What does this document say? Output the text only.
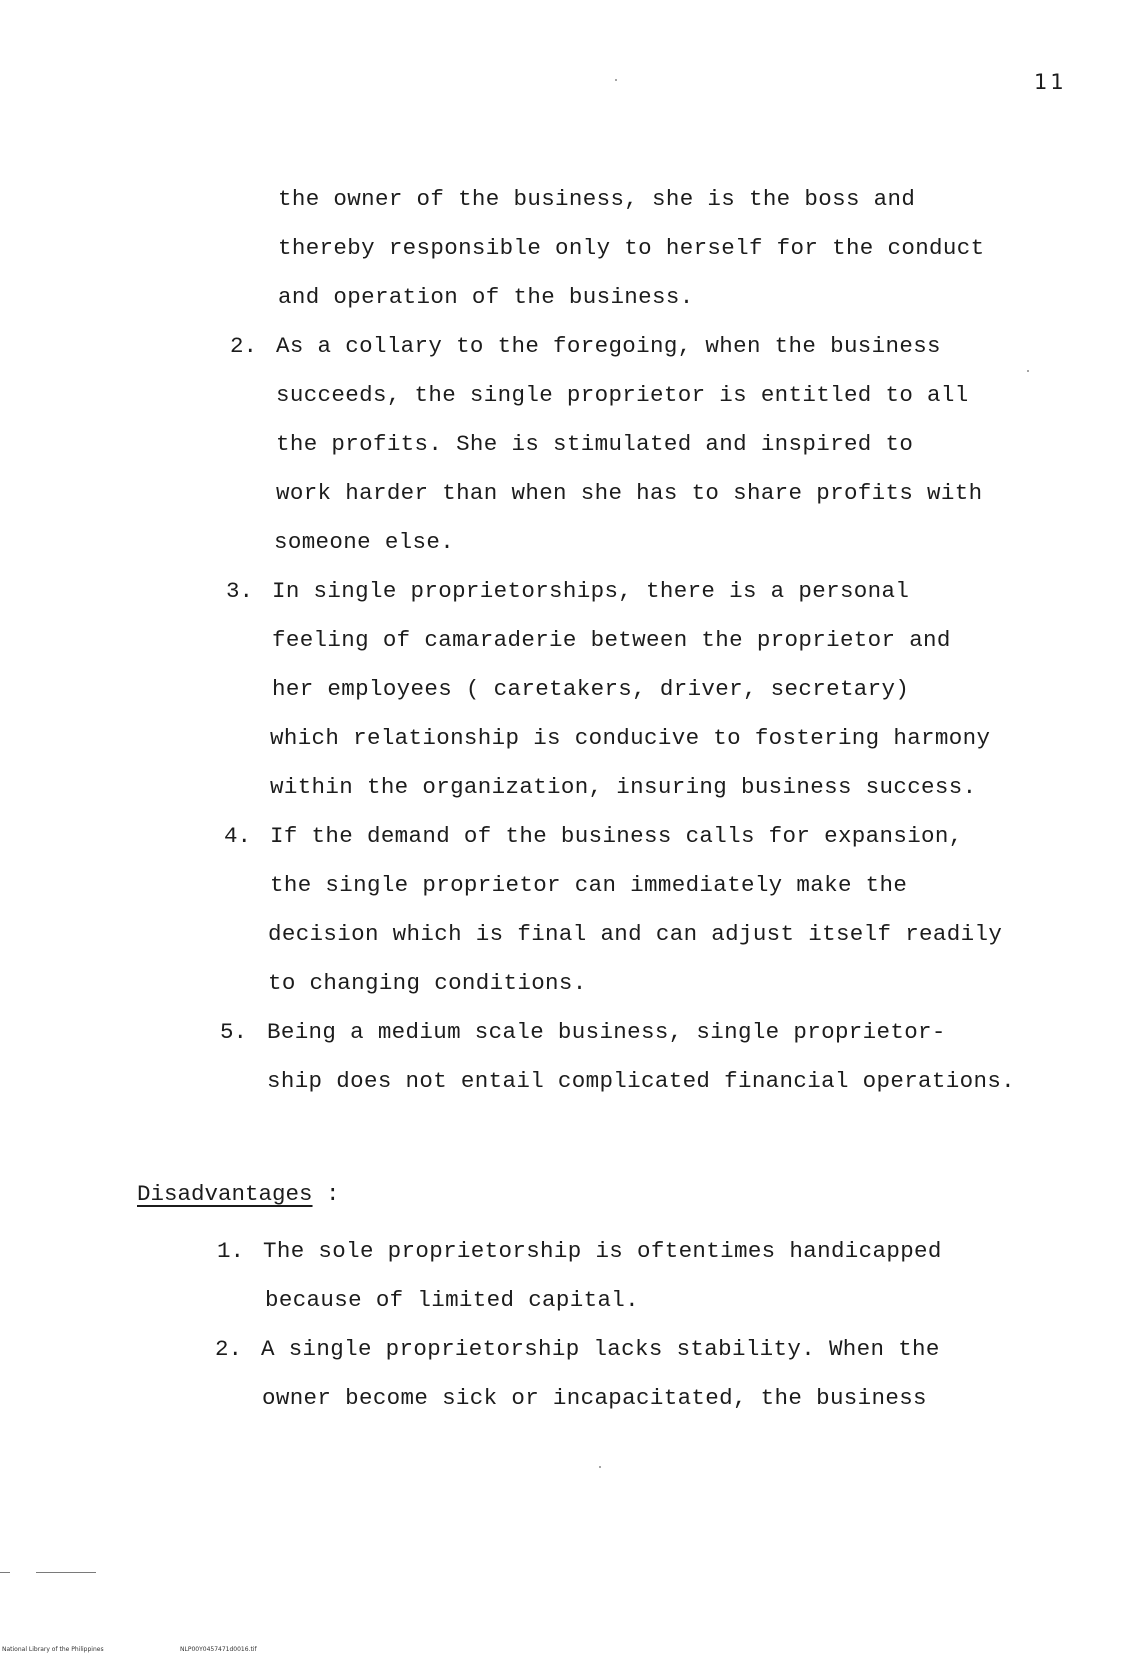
11
the owner of the business, she is the boss and
thereby responsible only to herself for the conduct
and operation of the business.
2. As a collary to the foregoing, when the business
succeeds, the single proprietor is entitled to all
the profits. She is stimulated and inspired to
work harder than when she has to share profits with
someone else.
3. In single proprietorships, there is a personal
feeling of camaraderie between the proprietor and
her employees ( caretakers, driver, secretary)
which relationship is conducive to fostering harmony
within the organization, insuring business success.
4. If the demand of the business calls for expansion,
the single proprietor can immediately make the
decision which is final and can adjust itself readily
to changing conditions.
5. Being a medium scale business, single proprietor-
ship does not entail complicated financial operations.
Disadvantages :
1. The sole proprietorship is oftentimes handicapped
because of limited capital.
2. A single proprietorship lacks stability. When the
owner become sick or incapacitated, the business
National Library of the Philippines	NLP00Y0457471d0016.tif
